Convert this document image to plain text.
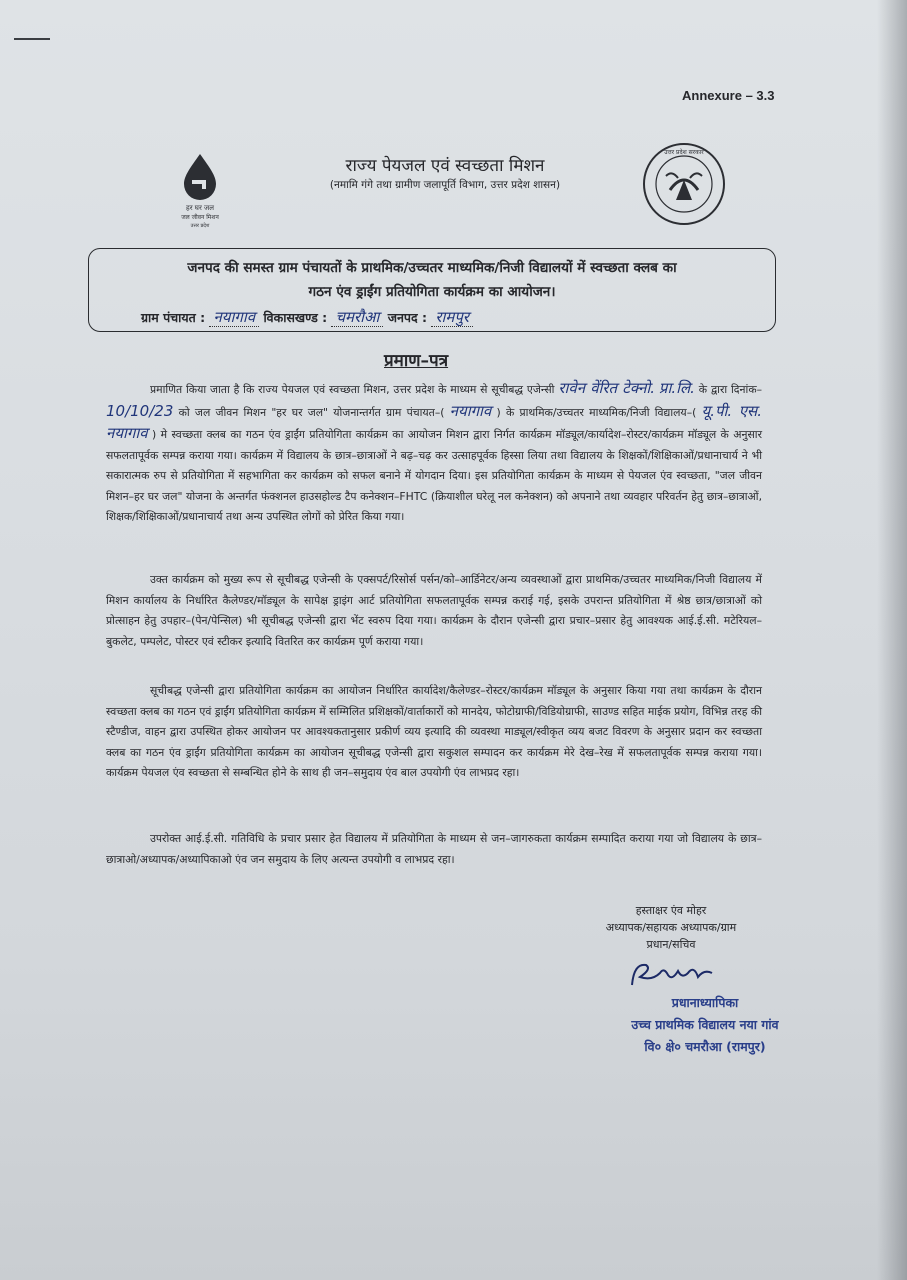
Annexure – 3.3
हर घर जल
जल जीवन मिशन
उत्तर प्रदेश
राज्य पेयजल एवं स्वच्छता मिशन
(नमामि गंगे तथा ग्रामीण जलापूर्ति विभाग, उत्तर प्रदेश शासन)
उत्तर प्रदेश सरकार
जनपद की समस्त ग्राम पंचायतों के प्राथमिक/उच्चतर माध्यमिक/निजी विद्यालयों में स्वच्छता क्लब का
गठन एंव ड्राईंग प्रतियोगिता कार्यक्रम का आयोजन।
ग्राम पंचायत : नयागाव विकासखण्ड : चमरौआ जनपद : रामपुर
प्रमाण–पत्र
प्रमाणित किया जाता है कि राज्य पेयजल एवं स्वच्छता मिशन, उत्तर प्रदेश के माध्यम से सूचीबद्ध एजेन्सी रावेन वेंरित टेक्नो. प्रा.लि. के द्वारा दिनांक– 10/10/23 को जल जीवन मिशन "हर घर जल" योजनान्तर्गत ग्राम पंचायत–( नयागाव ) के प्राथमिक/उच्चतर माध्यमिक/निजी विद्यालय–( यू.पी. एस. नयागाव ) मे स्वच्छता क्लब का गठन एंव ड्राईंग प्रतियोगिता कार्यक्रम का आयोजन मिशन द्वारा निर्गत कार्यक्रम मॉड्यूल/कार्यादेश–रोस्टर/कार्यक्रम मॉड्यूल के अनुसार सफलतापूर्वक सम्पन्न कराया गया। कार्यक्रम में विद्यालय के छात्र–छात्राओं ने बढ़–चढ़ कर उत्साहपूर्वक हिस्सा लिया तथा विद्यालय के शिक्षकों/शिक्षिकाओं/प्रधानाचार्य ने भी सकारात्मक रुप से प्रतियोगिता में सहभागिता कर कार्यक्रम को सफल बनाने में योगदान दिया। इस प्रतियोगिता कार्यक्रम के माध्यम से पेयजल एंव स्वच्छता, "जल जीवन मिशन–हर घर जल" योजना के अन्तर्गत फंक्शनल हाउसहोल्ड टैप कनेक्शन–FHTC (क्रियाशील घरेलू नल कनेक्शन) को अपनाने तथा व्यवहार परिवर्तन हेतु छात्र–छात्राओं, शिक्षक/शिक्षिकाओं/प्रधानाचार्य तथा अन्य उपस्थित लोगों को प्रेरित किया गया।
उक्त कार्यक्रम को मुख्य रूप से सूचीबद्ध एजेन्सी के एक्सपर्ट/रिसोर्स पर्सन/को–आर्डिनेटर/अन्य व्यवस्थाओं द्वारा प्राथमिक/उच्चतर माध्यमिक/निजी विद्यालय में मिशन कार्यालय के निर्धारित कैलेण्डर/मॉड्यूल के सापेक्ष ड्राइंग आर्ट प्रतियोगिता सफलतापूर्वक सम्पन्न कराई गई, इसके उपरान्त प्रतियोगिता में श्रेष्ठ छात्र/छात्राओं को प्रोत्साहन हेतु उपहार–(पेन/पेन्सिल) भी सूचीबद्ध एजेन्सी द्वारा भेंट स्वरुप दिया गया। कार्यक्रम के दौरान एजेन्सी द्वारा प्रचार–प्रसार हेतु आवश्यक आई.ई.सी. मटेरियल–बुकलेट, पम्पलेट, पोस्टर एवं स्टीकर इत्यादि वितरित कर कार्यक्रम पूर्ण कराया गया।
सूचीबद्ध एजेन्सी द्वारा प्रतियोगिता कार्यक्रम का आयोजन निर्धारित कार्यादेश/कैलेण्डर–रोस्टर/कार्यक्रम मॉड्यूल के अनुसार किया गया तथा कार्यक्रम के दौरान स्वच्छता क्लब का गठन एवं ड्राईंग प्रतियोगिता कार्यक्रम में सम्मिलित प्रशिक्षकों/वार्ताकारों को मानदेय, फोटोग्राफी/विडियोग्राफी, साउण्ड सहित माईक प्रयोग, विभिन्न तरह की स्टैण्डीज, वाहन द्वारा उपस्थित होकर आयोजन पर आवश्यकतानुसार प्रकीर्ण व्यय इत्यादि की व्यवस्था माड्यूल/स्वीकृत व्यय बजट विवरण के अनुसार प्रदान कर स्वच्छता क्लब का गठन एंव ड्राईंग प्रतियोगिता कार्यक्रम का आयोजन सूचीबद्ध एजेन्सी द्वारा सकुशल सम्पादन कर कार्यक्रम मेरे देख–रेख में सफलतापूर्वक सम्पन्न कराया गया। कार्यक्रम पेयजल एंव स्वच्छता से सम्बन्धित होने के साथ ही जन–समुदाय एंव बाल उपयोगी एंव लाभप्रद रहा।
उपरोक्त आई.ई.सी. गतिविधि के प्रचार प्रसार हेत विद्यालय में प्रतियोगिता के माध्यम से जन–जागरुकता कार्यक्रम सम्पादित कराया गया जो विद्यालय के छात्र–छात्राओ/अध्यापक/अध्यापिकाओ एंव जन समुदाय के लिए अत्यन्त उपयोगी व लाभप्रद रहा।
हस्ताक्षर एंव मोहर
अध्यापक/सहायक अध्यापक/ग्राम
प्रधान/सचिव
प्रधानाध्यापिका
उच्च प्राथमिक विद्यालय नया गांव
वि० क्षे० चमरौआ (रामपुर)
